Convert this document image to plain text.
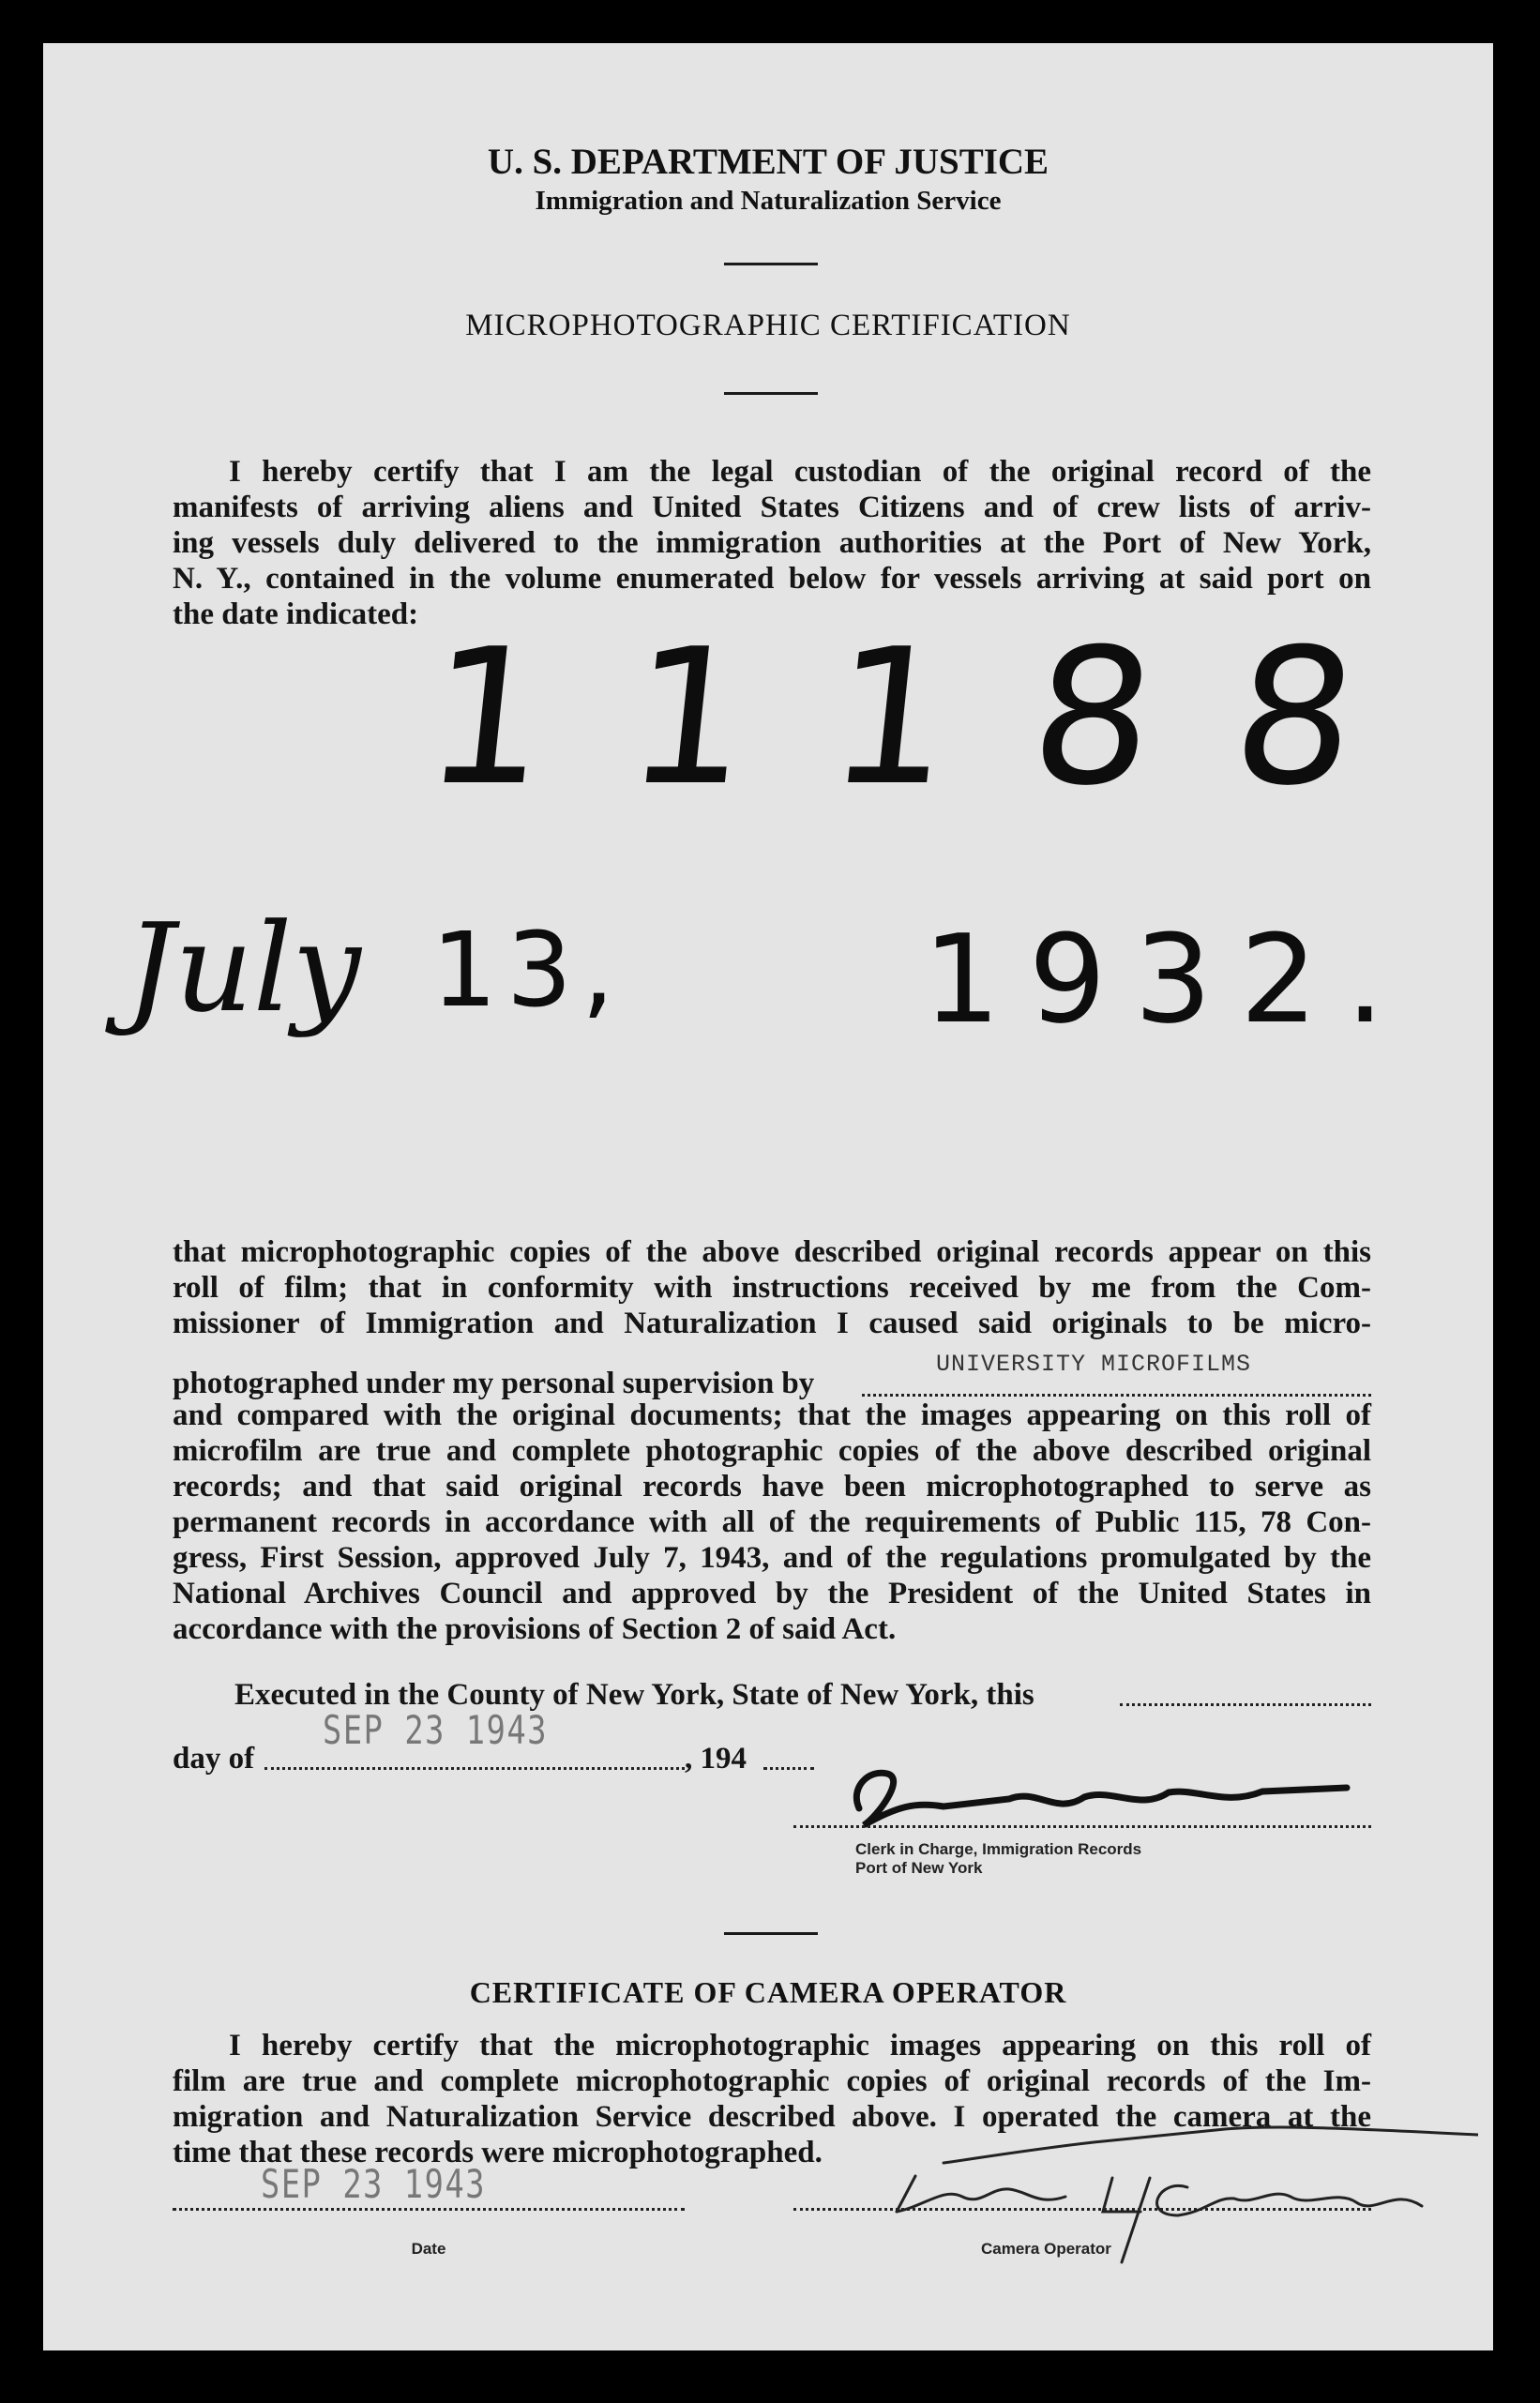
U. S. DEPARTMENT OF JUSTICE
Immigration and Naturalization Service
MICROPHOTOGRAPHIC CERTIFICATION
I hereby certify that I am the legal custodian of the original record of the
manifests of arriving aliens and United States Citizens and of crew lists of arriv-
ing vessels duly delivered to the immigration authorities at the Port of New York,
N. Y., contained in the volume enumerated below for vessels arriving at said port on
the date indicated:
11188
July 13, 1932.
that microphotographic copies of the above described original records appear on this
roll of film; that in conformity with instructions received by me from the Com-
missioner of Immigration and Naturalization I caused said originals to be micro-
photographed under my personal supervision by
UNIVERSITY MICROFILMS
and compared with the original documents; that the images appearing on this roll of
microfilm are true and complete photographic copies of the above described original
records; and that said original records have been microphotographed to serve as
permanent records in accordance with all of the requirements of Public 115, 78 Con-
gress, First Session, approved July 7, 1943, and of the regulations promulgated by the
National Archives Council and approved by the President of the United States in
accordance with the provisions of Section 2 of said Act.
Executed in the County of New York, State of New York, this
day of
SEP 23 1943
, 194
Clerk in Charge, Immigration Records
Port of New York
CERTIFICATE OF CAMERA OPERATOR
I hereby certify that the microphotographic images appearing on this roll of
film are true and complete microphotographic copies of original records of the Im-
migration and Naturalization Service described above. I operated the camera at the
time that these records were microphotographed.
SEP 23 1943
Date	Camera Operator
